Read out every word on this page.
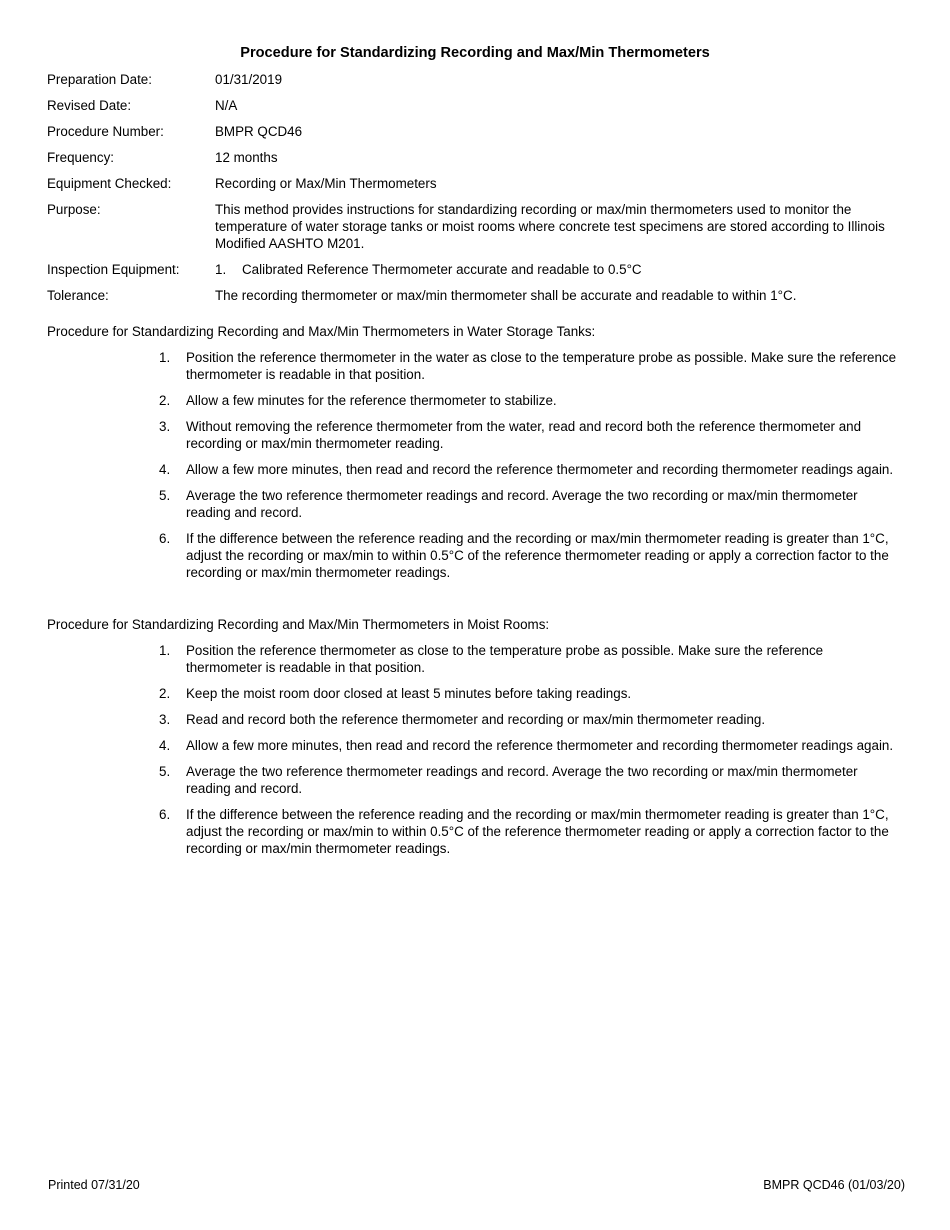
Procedure for Standardizing Recording and Max/Min Thermometers
Preparation Date:	01/31/2019
Revised Date:	N/A
Procedure Number:	BMPR QCD46
Frequency:	12 months
Equipment Checked:	Recording or Max/Min Thermometers
Purpose:	This method provides instructions for standardizing recording or max/min thermometers used to monitor the temperature of water storage tanks or moist rooms where concrete test specimens are stored according to Illinois Modified AASHTO M201.
Inspection Equipment:	1. Calibrated Reference Thermometer accurate and readable to 0.5°C
Tolerance:	The recording thermometer or max/min thermometer shall be accurate and readable to within 1°C.
Procedure for Standardizing Recording and Max/Min Thermometers in Water Storage Tanks:
1.	Position the reference thermometer in the water as close to the temperature probe as possible. Make sure the reference thermometer is readable in that position.
2.	Allow a few minutes for the reference thermometer to stabilize.
3.	Without removing the reference thermometer from the water, read and record both the reference thermometer and recording or max/min thermometer reading.
4.	Allow a few more minutes, then read and record the reference thermometer and recording thermometer readings again.
5.	Average the two reference thermometer readings and record. Average the two recording or max/min thermometer reading and record.
6.	If the difference between the reference reading and the recording or max/min thermometer reading is greater than 1°C, adjust the recording or max/min to within 0.5°C of the reference thermometer reading or apply a correction factor to the recording or max/min thermometer readings.
Procedure for Standardizing Recording and Max/Min Thermometers in Moist Rooms:
1.	Position the reference thermometer as close to the temperature probe as possible. Make sure the reference thermometer is readable in that position.
2.	Keep the moist room door closed at least 5 minutes before taking readings.
3.	Read and record both the reference thermometer and recording or max/min thermometer reading.
4.	Allow a few more minutes, then read and record the reference thermometer and recording thermometer readings again.
5.	Average the two reference thermometer readings and record. Average the two recording or max/min thermometer reading and record.
6.	If the difference between the reference reading and the recording or max/min thermometer reading is greater than 1°C, adjust the recording or max/min to within 0.5°C of the reference thermometer reading or apply a correction factor to the recording or max/min thermometer readings.
Printed 07/31/20	BMPR QCD46 (01/03/20)
